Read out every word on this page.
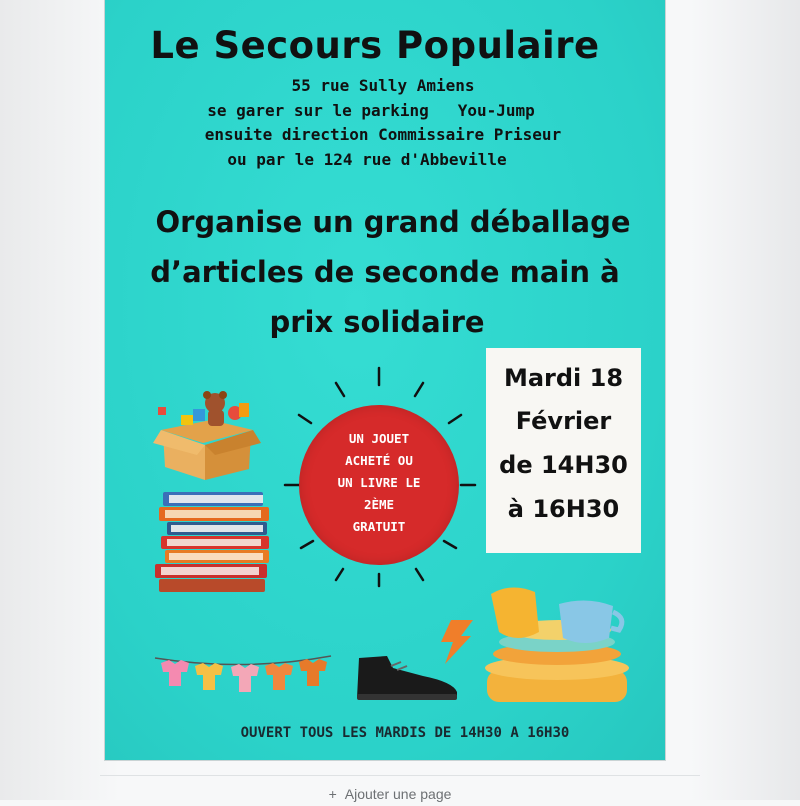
Le Secours Populaire
55 rue Sully Amiens
se garer sur le parking   You-Jump
ensuite direction Commissaire Priseur
ou par le 124 rue d'Abbeville
Organise un grand déballage
d’articles de seconde main à
prix solidaire
UN JOUET
ACHETÉ OU
UN LIVRE LE
2ÈME
GRATUIT
Mardi 18
Février
de 14H30
à 16H30
OUVERT TOUS LES MARDIS DE 14H30 A 16H30
+ Ajouter une page
